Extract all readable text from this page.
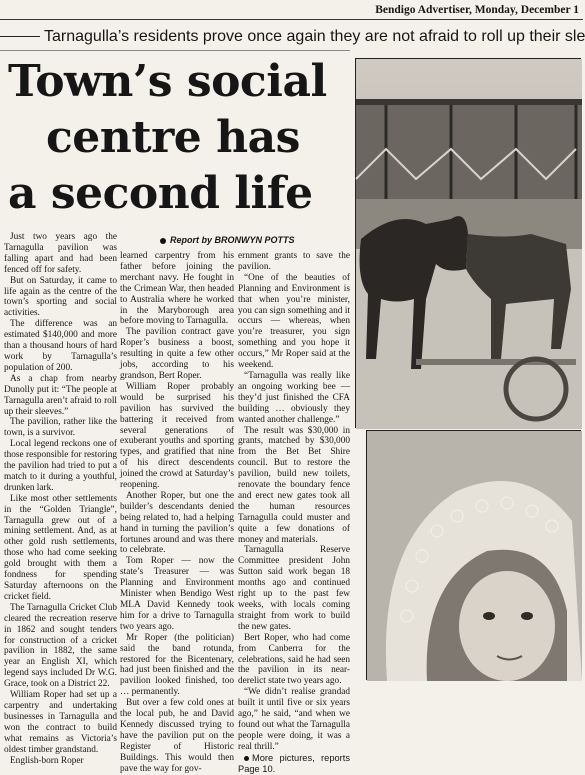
Bendigo Advertiser, Monday, December 1
Tarnagulla’s residents prove once again they are not afraid to roll up their sle
Town’s social
centre has
a second life
Report by BRONWYN POTTS

Just two years ago the Tarnagulla pavilion was falling apart and had been fenced off for safety.

But on Saturday, it came to life again as the centre of the town’s sporting and social activities.

The difference was an estimated $140,000 and more than a thousand hours of hard work by Tarnagulla’s population of 200.

As a chap from nearby Dunolly put it: “The people at Tarnagulla aren’t afraid to roll up their sleeves.”

The pavilion, rather like the town, is a survivor.

Local legend reckons one of those responsible for restoring the pavilion had tried to put a match to it during a youthful, drunken lark.

Like most other settlements in the “Golden Triangle”, Tarnagulla grew out of a mining settlement. And, as at other gold rush settlements, those who had come seeking gold brought with them a fondness for spending Saturday afternoons on the cricket field.

The Tarnagulla Cricket Club cleared the recreation reserve in 1862 and sought tenders for construction of a cricket pavilion in 1882, the same year an English XI, which legend says included Dr W.G. Grace, took on a District 22.

William Roper had set up a carpentry and undertaking businesses in Tarnagulla and won the contract to build what remains as Victoria’s oldest timber grandstand.

English-born Roper

learned carpentry from his father before joining the merchant navy. He fought in the Crimean War, then headed to Australia where he worked in the Maryborough area before moving to Tarnagulla.

The pavilion contract gave Roper’s business a boost, resulting in quite a few other jobs, according to his grandson, Bert Roper.

William Roper probably would be surprised his pavilion has survived the battering it received from several generations of exuberant youths and sporting types, and gratified that nine of his direct descendents joined the crowd at Saturday’s reopening.

Another Roper, but one the builder’s descendants denied being related to, had a helping hand in turning the pavilion’s fortunes around and was there to celebrate.

Tom Roper — now the state’s Treasurer — was Planning and Environment Minister when Bendigo West MLA David Kennedy took him for a drive to Tarnagulla two years ago.

Mr Roper (the politician) said the band rotunda, restored for the Bicentenary, had just been finished and the pavilion looked finished, too … permanently.

But over a few cold ones at the local pub, he and David Kennedy discussed trying to have the pavilion put on the Register of Historic Buildings. This would then pave the way for gov-

ernment grants to save the pavilion.

“One of the beauties of Planning and Environment is that when you’re minister, you can sign something and it occurs — whereas, when you’re treasurer, you sign something and you hope it occurs,” Mr Roper said at the weekend.

“Tarnagulla was really like an ongoing working bee — they’d just finished the CFA building … obviously they wanted another challenge.”

The result was $30,000 in grants, matched by $30,000 from the Bet Bet Shire council. But to restore the pavilion, build new toilets, renovate the boundary fence and erect new gates took all the human resources Tarnagulla could muster and quite a few donations of money and materials.

Tarnagulla Reserve Committee president John Sutton said work began 18 months ago and continued right up to the past few weeks, with locals coming straight from work to build the new gates.

Bert Roper, who had come from Canberra for the celebrations, said he had seen the pavilion in its near-derelict state two years ago.

“We didn’t realise grandad built it until five or six years ago,” he said, “and when we found out what the Tarnagulla people were doing, it was a real thrill.”

More pictures, reports Page 10.
